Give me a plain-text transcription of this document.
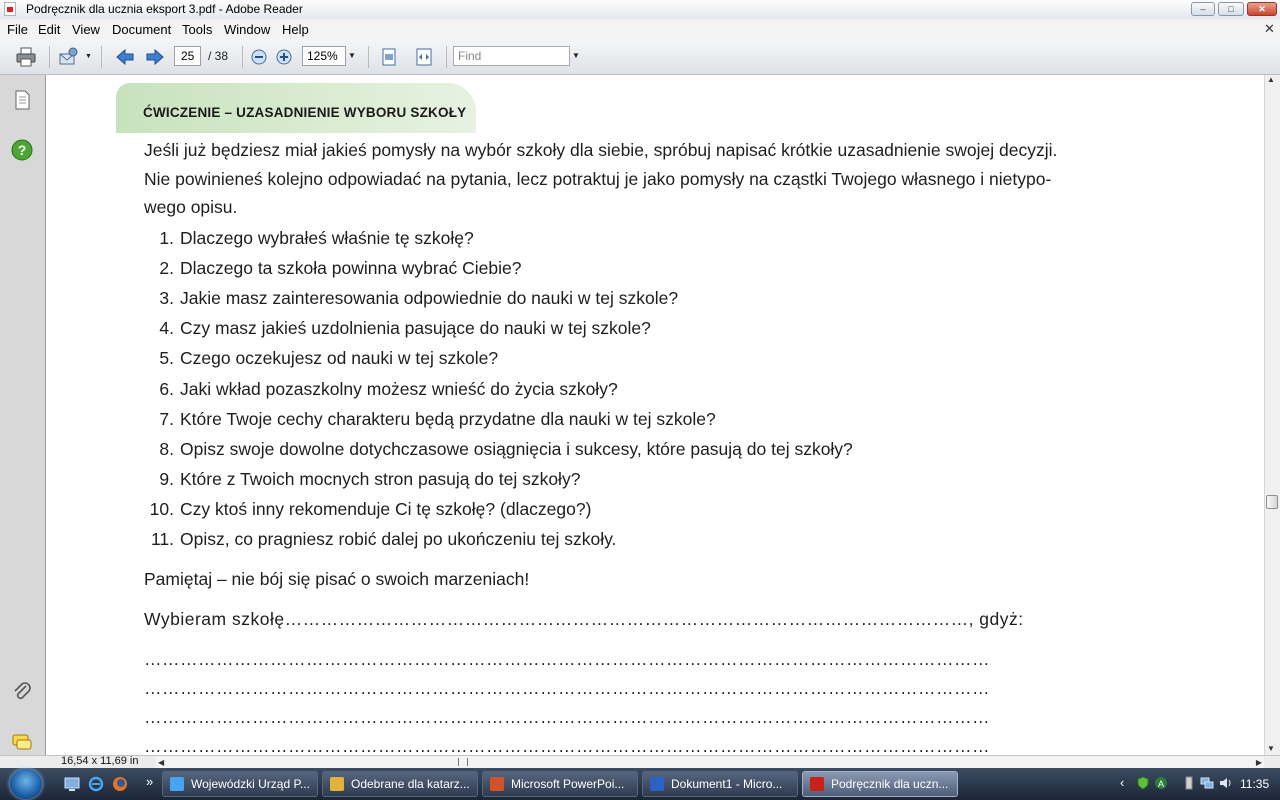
Podręcznik dla ucznia eksport 3.pdf - Adobe Reader	–	□	✕
File Edit View Document Tools Window Help	✕
▼	25	/ 38	125%	▼	Find	▼
?
ĆWICZENIE – UZASADNIENIE WYBORU SZKOŁY
Jeśli już będziesz miał jakieś pomysły na wybór szkoły dla siebie, spróbuj napisać krótkie uzasadnienie swojej decyzji.
Nie powinieneś kolejno odpowiadać na pytania, lecz potraktuj je jako pomysły na cząstki Twojego własnego i nietypo-
wego opisu.
1. Dlaczego wybrałeś właśnie tę szkołę?
2. Dlaczego ta szkoła powinna wybrać Ciebie?
3. Jakie masz zainteresowania odpowiednie do nauki w tej szkole?
4. Czy masz jakieś uzdolnienia pasujące do nauki w tej szkole?
5. Czego oczekujesz od nauki w tej szkole?
6. Jaki wkład pozaszkolny możesz wnieść do życia szkoły?
7. Które Twoje cechy charakteru będą przydatne dla nauki w tej szkole?
8. Opisz swoje dowolne dotychczasowe osiągnięcia i sukcesy, które pasują do tej szkoły?
9. Które z Twoich mocnych stron pasują do tej szkoły?
10. Czy ktoś inny rekomenduje Ci tę szkołę? (dlaczego?)
11. Opisz, co pragniesz robić dalej po ukończeniu tej szkoły.
Pamiętaj – nie bój się pisać o swoich marzeniach!
Wybieram szkołę……………………………………………………………………………………………………, gdyż:
……………………………………………………………………………………………………………………………
……………………………………………………………………………………………………………………………
……………………………………………………………………………………………………………………………
……………………………………………………………………………………………………………………………
▲
▼
16,54 x 11,69 in ◀	▶
»	Wojewódzki Urząd P...	Odebrane dla katarz...	Microsoft PowerPoi...	Dokument1 - Micro...	Podręcznik dla uczn...	‹	A	11:35
